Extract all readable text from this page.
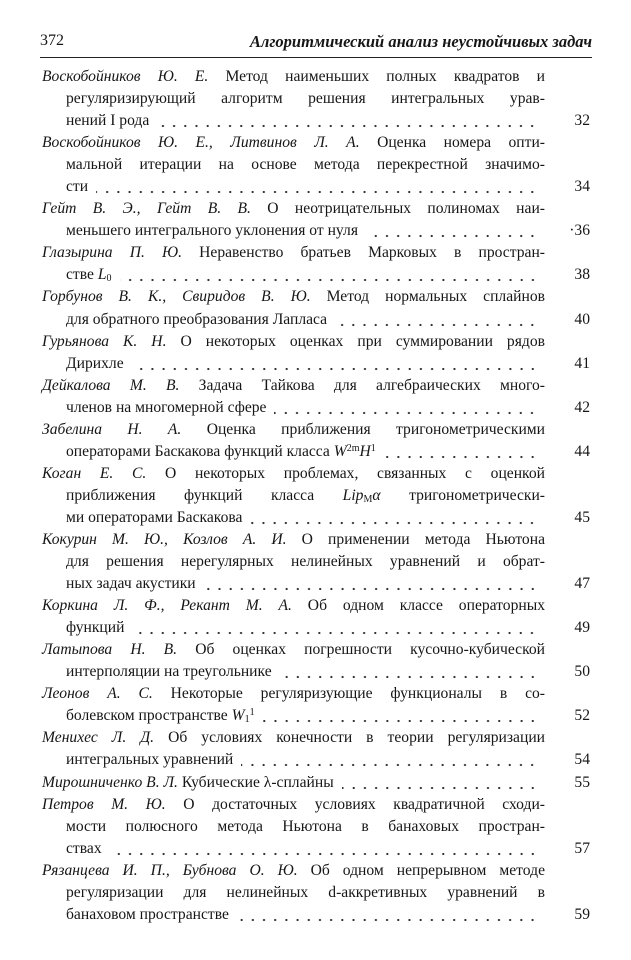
372	Алгоритмический анализ неустойчивых задач
Воскобойников Ю. Е. Метод наименьших полных квадратов и
регуляризирующий алгоритм решения интегральных урав-
нений I рода	32
Воскобойников Ю. Е., Литвинов Л. А. Оценка номера опти-
мальной итерации на основе метода перекрестной значимо-
сти	34
Гейт В. Э., Гейт В. В. О неотрицательных полиномах наи-
меньшего интегрального уклонения от нуля	·36
Глазырина П. Ю. Неравенство братьев Марковых в простран-
стве $L_0$	38
Горбунов В. К., Свиридов В. Ю. Метод нормальных сплайнов
для обратного преобразования Лапласа	40
Гурьянова К. Н. О некоторых оценках при суммировании рядов
Дирихле	41
Дейкалова М. В. Задача Тайкова для алгебраических много-
членов на многомерной сфере	42
Забелина Н. А. Оценка приближения тригонометрическими
операторами Баскакова функций класса $W^{2m}H^1$	44
Коган Е. С. О некоторых проблемах, связанных с оценкой
приближения функций класса Lip$_M$α тригонометрически-
ми операторами Баскакова	45
Кокурин М. Ю., Козлов А. И. О применении метода Ньютона
для решения нерегулярных нелинейных уравнений и обрат-
ных задач акустики	47
Коркина Л. Ф., Рекант М. А. Об одном классе операторных
функций	49
Латыпова Н. В. Об оценках погрешности кусочно-кубической
интерполяции на треугольнике	50
Леонов А. С. Некоторые регуляризующие функционалы в со-
болевском пространстве $W_1^1$	52
Менихес Л. Д. Об условиях конечности в теории регуляризации
интегральных уравнений	54
Мирошниченко В. Л. Кубические λ-сплайны	55
Петров М. Ю. О достаточных условиях квадратичной сходи-
мости полюсного метода Ньютона в банаховых простран-
ствах	57
Рязанцева И. П., Бубнова О. Ю. Об одном непрерывном методе
регуляризации для нелинейных d-аккретивных уравнений в
банаховом пространстве	59
